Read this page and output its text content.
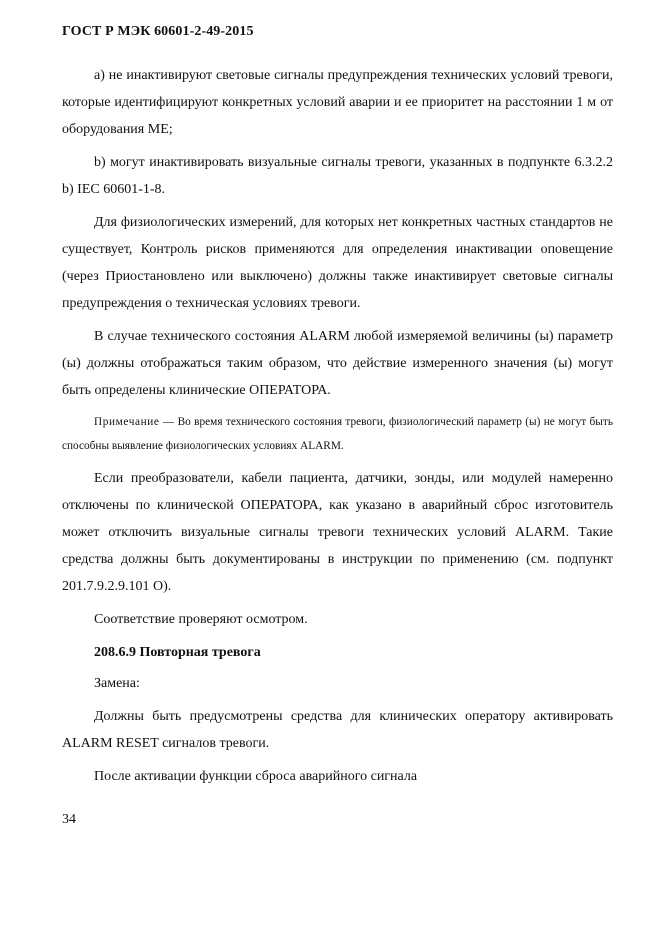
ГОСТ Р МЭК 60601-2-49-2015

а) не инактивируют световые сигналы предупреждения технических условий тревоги, которые идентифицируют конкретных условий аварии и ее приоритет на расстоянии 1 м от оборудования ME;

b) могут инактивировать визуальные сигналы тревоги, указанных в подпункте 6.3.2.2 b) IEC 60601-1-8.

Для физиологических измерений, для которых нет конкретных частных стандартов не существует, Контроль рисков применяются для определения инактивации оповещение (через Приостановлено или выключено) должны также инактивирует световые сигналы предупреждения о техническая условиях тревоги.

В случае технического состояния ALARM любой измеряемой величины (ы) параметр (ы) должны отображаться таким образом, что действие измеренного значения (ы) могут быть определены клинические ОПЕРАТОРА.

Примечание — Во время технического состояния тревоги, физиологический параметр (ы) не могут быть способны выявление физиологических условиях ALARM.

Если преобразователи, кабели пациента, датчики, зонды, или модулей намеренно отключены по клинической ОПЕРАТОРА, как указано в аварийный сброс изготовитель может отключить визуальные сигналы тревоги технических условий ALARM. Такие средства должны быть документированы в инструкции по применению (см. подпункт 201.7.9.2.9.101 О).

Соответствие проверяют осмотром.

208.6.9 Повторная тревога

Замена:

Должны быть предусмотрены средства для клинических оператору активировать ALARM RESET сигналов тревоги.

После активации функции сброса аварийного сигнала

34
